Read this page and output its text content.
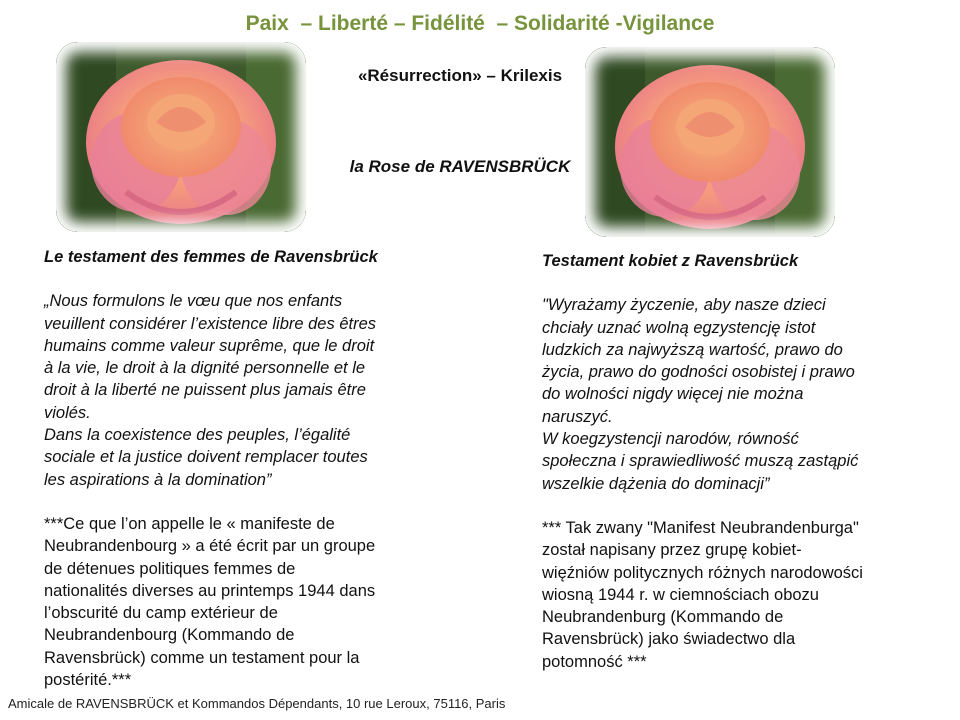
Paix  – Liberté – Fidélité  – Solidarité -Vigilance
«Résurrection» – Krilexis
la Rose de RAVENSBRÜCK
Le testament des femmes de Ravensbrück
„Nous formulons le vœu que nos enfants
veuillent considérer l’existence libre des êtres
humains comme valeur suprême, que le droit
à la vie, le droit à la dignité personnelle et le
droit à la liberté ne puissent plus jamais être
violés.
Dans la coexistence des peuples, l’égalité
sociale et la justice doivent remplacer toutes
les aspirations à la domination”
***Ce que l’on appelle le « manifeste de
Neubrandenbourg » a été écrit par un groupe
de détenues politiques femmes de
nationalités diverses au printemps 1944 dans
l’obscurité du camp extérieur de
Neubrandenbourg (Kommando de
Ravensbrück) comme un testament pour la
postérité.***
Testament kobiet z Ravensbrück
"Wyrażamy życzenie, aby nasze dzieci
chciały uznać wolną egzystencję istot
ludzkich za najwyższą wartość, prawo do
życia, prawo do godności osobistej i prawo
do wolności nigdy więcej nie można
naruszyć.
W koegzystencji narodów, równość
społeczna i sprawiedliwość muszą zastąpić
wszelkie dążenia do dominacji”
*** Tak zwany "Manifest Neubrandenburga"
został napisany przez grupę kobiet-
więźniów politycznych różnych narodowości
wiosną 1944 r. w ciemnościach obozu
Neubrandenburg (Kommando de
Ravensbrück) jako świadectwo dla
potomność ***
Amicale de RAVENSBRÜCK et Kommandos Dépendants, 10 rue Leroux, 75116, Paris
